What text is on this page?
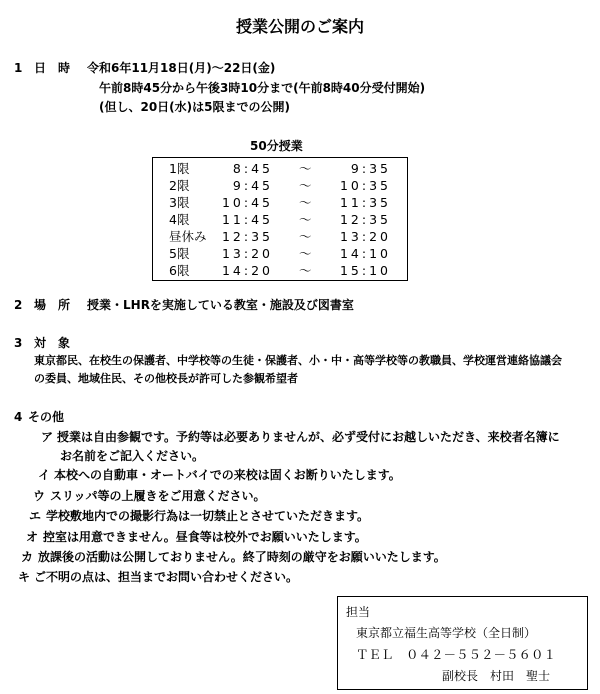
授業公開のご案内
1 日　時 令和6年11月18日(月)～22日(金)
午前8時45分から午後3時10分まで(午前8時40分受付開始)
(但し、20日(水)は5限までの公開)
50分授業
1限	8:45 ～	9:35
2限	9:45 ～	10:35
3限	10:45 ～	11:35
4限	11:45 ～	12:35
昼休み	12:35 ～	13:20
5限	13:20 ～	14:10
6限	14:20 ～	15:10
2 場　所 授業・LHRを実施している教室・施設及び図書室
3 対　象
東京都民、在校生の保護者、中学校等の生徒・保護者、小・中・高等学校等の教職員、学校運営連絡協議会
の委員、地域住民、その他校長が許可した参観希望者
4 その他
ア 授業は自由参観です。予約等は必要ありませんが、必ず受付にお越しいただき、来校者名簿に
お名前をご記入ください。
イ 本校への自動車・オートバイでの来校は固くお断りいたします。
ウ スリッパ等の上履きをご用意ください。
エ 学校敷地内での撮影行為は一切禁止とさせていただきます。
オ 控室は用意できません。昼食等は校外でお願いいたします。
カ 放課後の活動は公開しておりません。終了時刻の厳守をお願いいたします。
キ ご不明の点は、担当までお問い合わせください。
担当
東京都立福生高等学校（全日制）
ＴＥＬ　０４２－５５２－５６０１
副校長　村田　聖士
